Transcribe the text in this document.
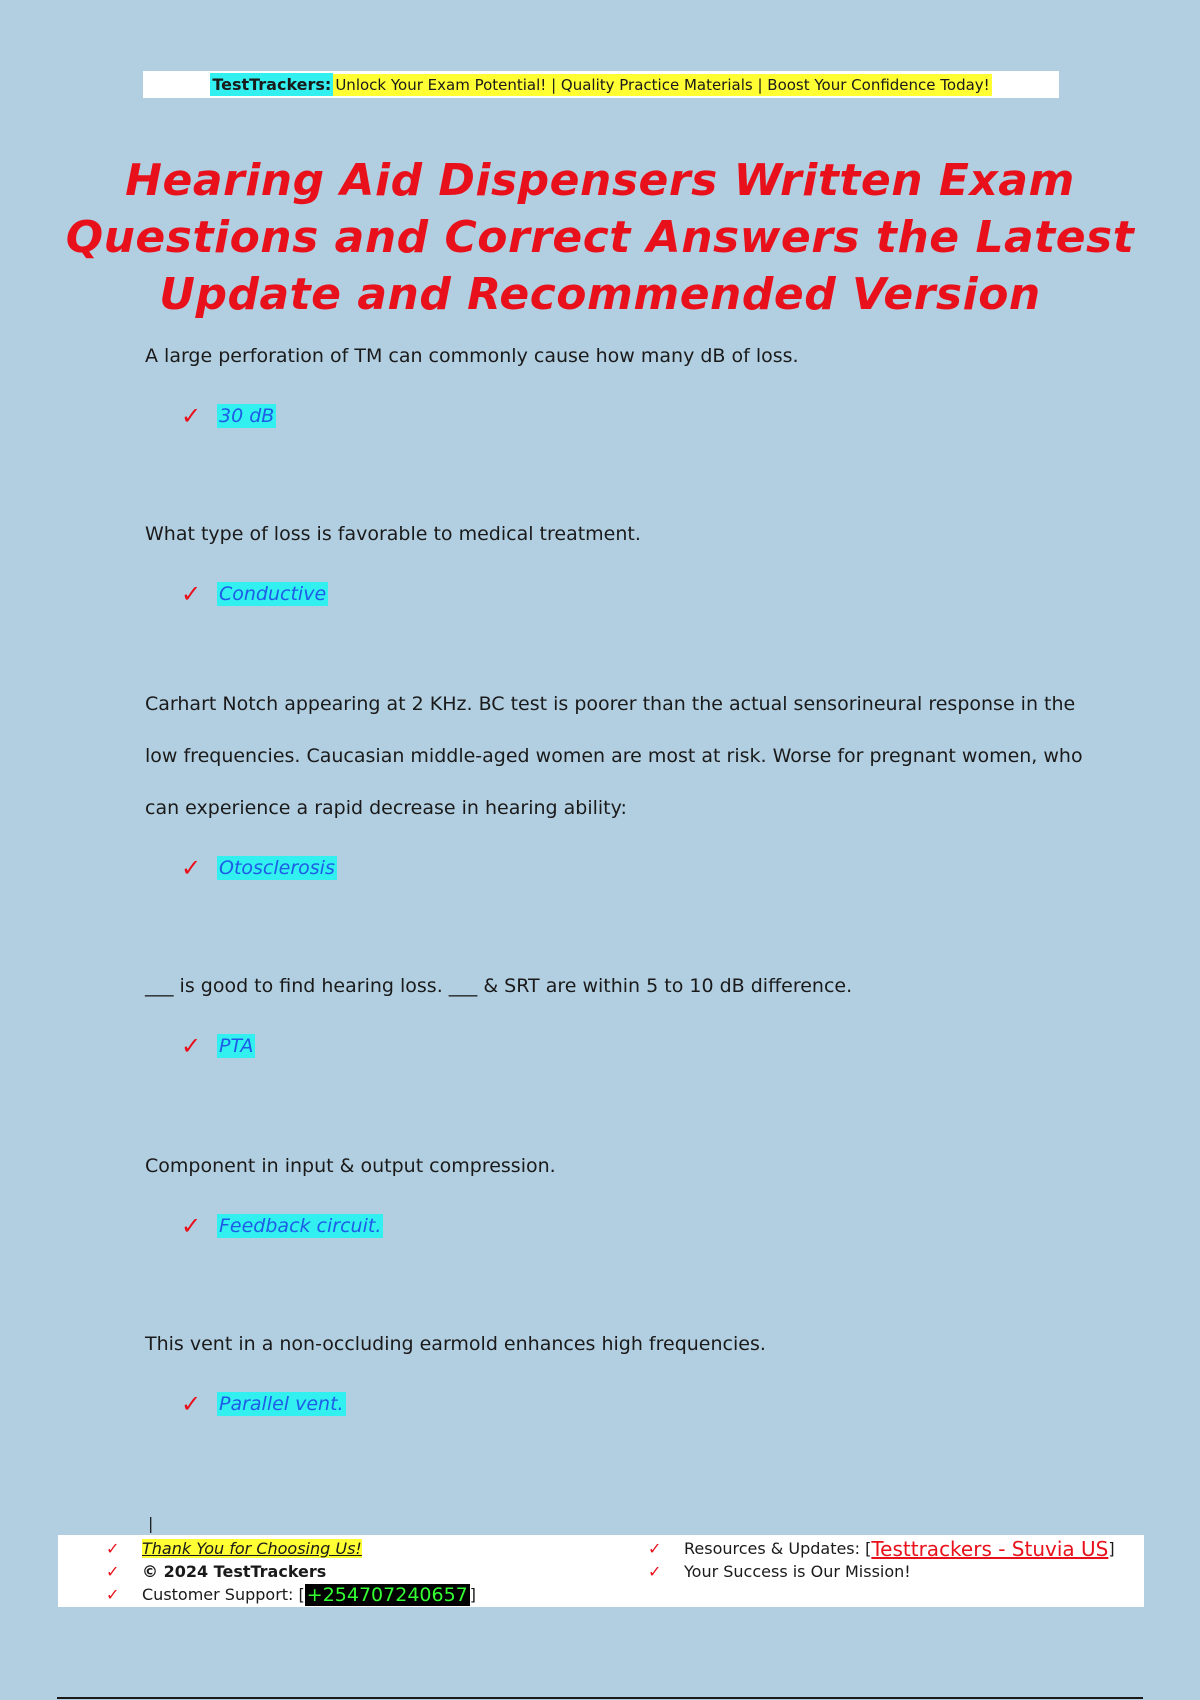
TestTrackers: Unlock Your Exam Potential! | Quality Practice Materials | Boost Your Confidence Today!
Hearing Aid Dispensers Written Exam Questions and Correct Answers the Latest Update and Recommended Version

A large perforation of TM can commonly cause how many dB of loss.

✓ 30 dB

What type of loss is favorable to medical treatment.

✓ Conductive

Carhart Notch appearing at 2 KHz. BC test is poorer than the actual sensorineural response in the low frequencies. Caucasian middle-aged women are most at risk. Worse for pregnant women, who can experience a rapid decrease in hearing ability:

✓ Otosclerosis

___ is good to find hearing loss. ___ & SRT are within 5 to 10 dB difference.

✓ PTA

Component in input & output compression.

✓ Feedback circuit.

This vent in a non-occluding earmold enhances high frequencies.

✓ Parallel vent.
|
✓	Thank You for Choosing Us!
✓	© 2024 TestTrackers
✓	Customer Support: [ +254707240657 ]
✓	Resources & Updates: [ Testtrackers - Stuvia US ]
✓	Your Success is Our Mission!
